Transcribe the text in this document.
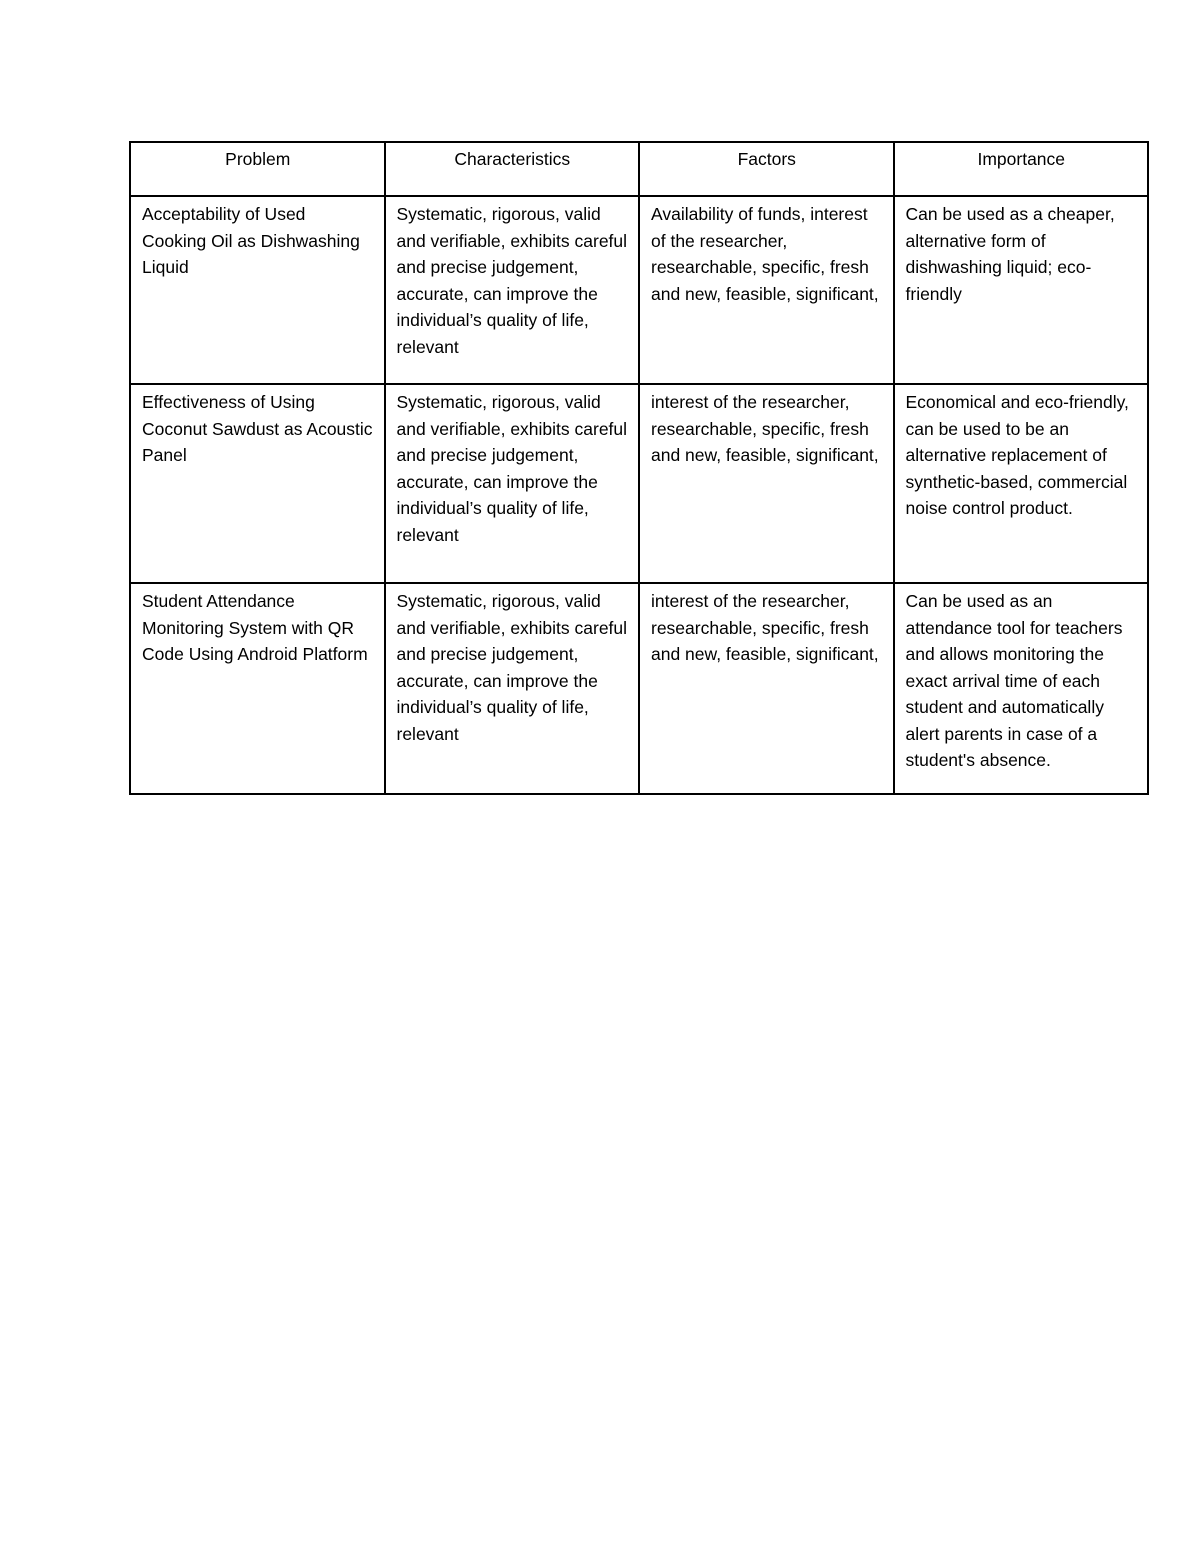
Problem	Characteristics	Factors	Importance
Acceptability of Used Cooking Oil as Dishwashing Liquid	Systematic, rigorous, valid and verifiable, exhibits careful and precise judgement, accurate, can improve the individual’s quality of life, relevant	Availability of funds, interest of the researcher, researchable, specific, fresh and new, feasible, significant,	Can be used as a cheaper, alternative form of dishwashing liquid; eco-friendly
Effectiveness of Using Coconut Sawdust as Acoustic Panel	Systematic, rigorous, valid and verifiable, exhibits careful and precise judgement, accurate, can improve the individual’s quality of life, relevant	interest of the researcher, researchable, specific, fresh and new, feasible, significant,	Economical and eco-friendly, can be used to be an alternative replacement of synthetic-based, commercial noise control product.
Student Attendance Monitoring System with QR Code Using Android Platform	Systematic, rigorous, valid and verifiable, exhibits careful and precise judgement, accurate, can improve the individual’s quality of life, relevant	interest of the researcher, researchable, specific, fresh and new, feasible, significant,	Can be used as an attendance tool for teachers and allows monitoring the exact arrival time of each student and automatically alert parents in case of a student's absence.
